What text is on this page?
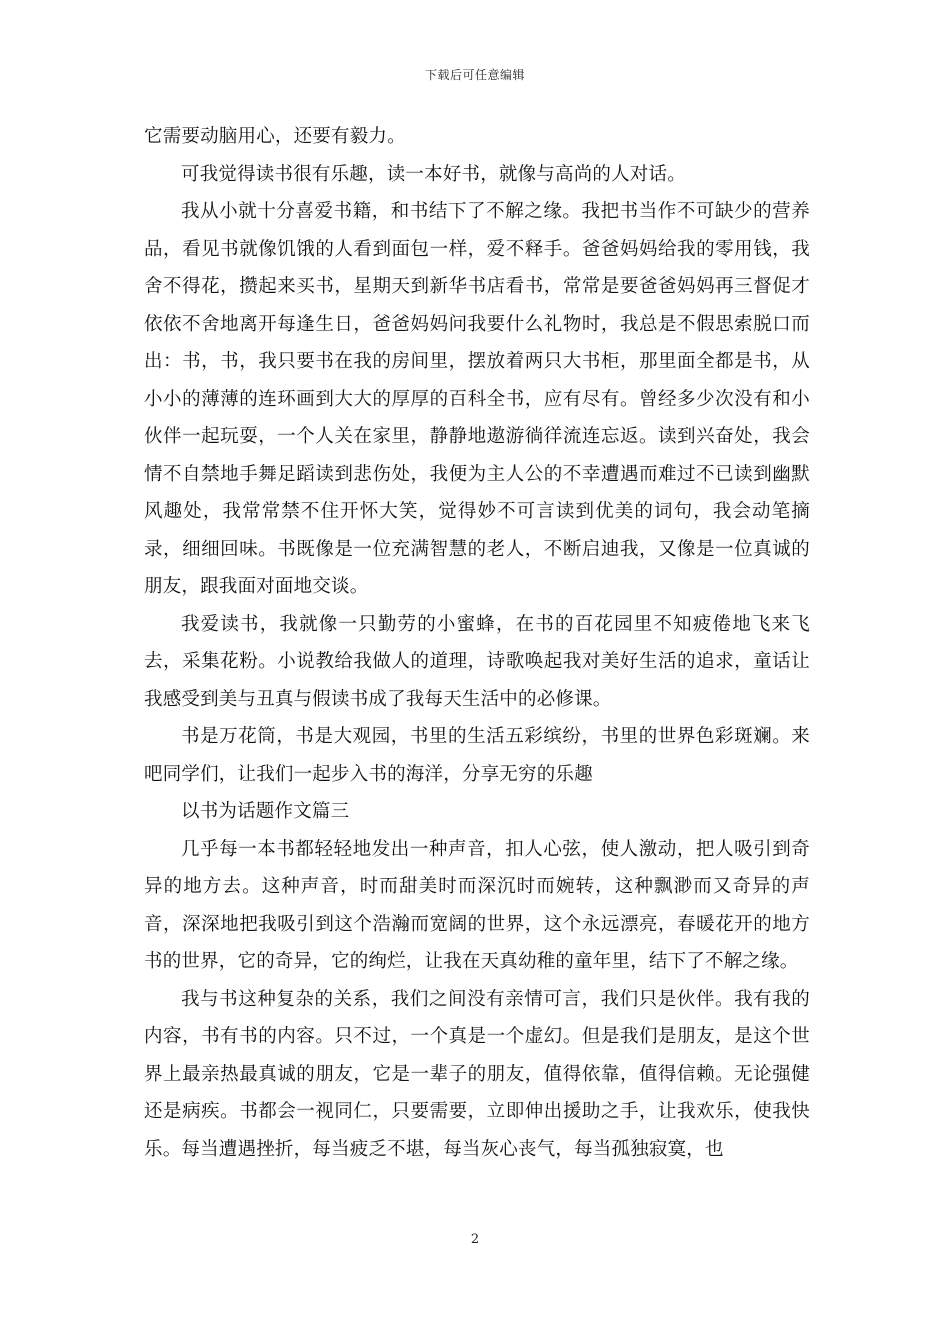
下载后可任意编辑

它需要动脑用心，还要有毅力。

可我觉得读书很有乐趣，读一本好书，就像与高尚的人对话。

我从小就十分喜爱书籍，和书结下了不解之缘。我把书当作不可缺少的营养品，看见书就像饥饿的人看到面包一样，爱不释手。爸爸妈妈给我的零用钱，我舍不得花，攒起来买书，星期天到新华书店看书，常常是要爸爸妈妈再三督促才依依不舍地离开每逢生日，爸爸妈妈问我要什么礼物时，我总是不假思索脱口而出：书，书，我只要书在我的房间里，摆放着两只大书柜，那里面全都是书，从小小的薄薄的连环画到大大的厚厚的百科全书，应有尽有。曾经多少次没有和小伙伴一起玩耍，一个人关在家里，静静地遨游徜徉流连忘返。读到兴奋处，我会情不自禁地手舞足蹈读到悲伤处，我便为主人公的不幸遭遇而难过不已读到幽默风趣处，我常常禁不住开怀大笑，觉得妙不可言读到优美的词句，我会动笔摘录，细细回味。书既像是一位充满智慧的老人，不断启迪我，又像是一位真诚的朋友，跟我面对面地交谈。

我爱读书，我就像一只勤劳的小蜜蜂，在书的百花园里不知疲倦地飞来飞去，采集花粉。小说教给我做人的道理，诗歌唤起我对美好生活的追求，童话让我感受到美与丑真与假读书成了我每天生活中的必修课。

书是万花筒，书是大观园，书里的生活五彩缤纷，书里的世界色彩斑斓。来吧同学们，让我们一起步入书的海洋，分享无穷的乐趣

以书为话题作文篇三

几乎每一本书都轻轻地发出一种声音，扣人心弦，使人激动，把人吸引到奇异的地方去。这种声音，时而甜美时而深沉时而婉转，这种飘渺而又奇异的声音，深深地把我吸引到这个浩瀚而宽阔的世界，这个永远漂亮，春暖花开的地方书的世界，它的奇异，它的绚烂，让我在天真幼稚的童年里，结下了不解之缘。

我与书这种复杂的关系，我们之间没有亲情可言，我们只是伙伴。我有我的内容，书有书的内容。只不过，一个真是一个虚幻。但是我们是朋友，是这个世界上最亲热最真诚的朋友，它是一辈子的朋友，值得依靠，值得信赖。无论强健还是病疾。书都会一视同仁，只要需要，立即伸出援助之手，让我欢乐，使我快乐。每当遭遇挫折，每当疲乏不堪，每当灰心丧气，每当孤独寂寞，也

2
